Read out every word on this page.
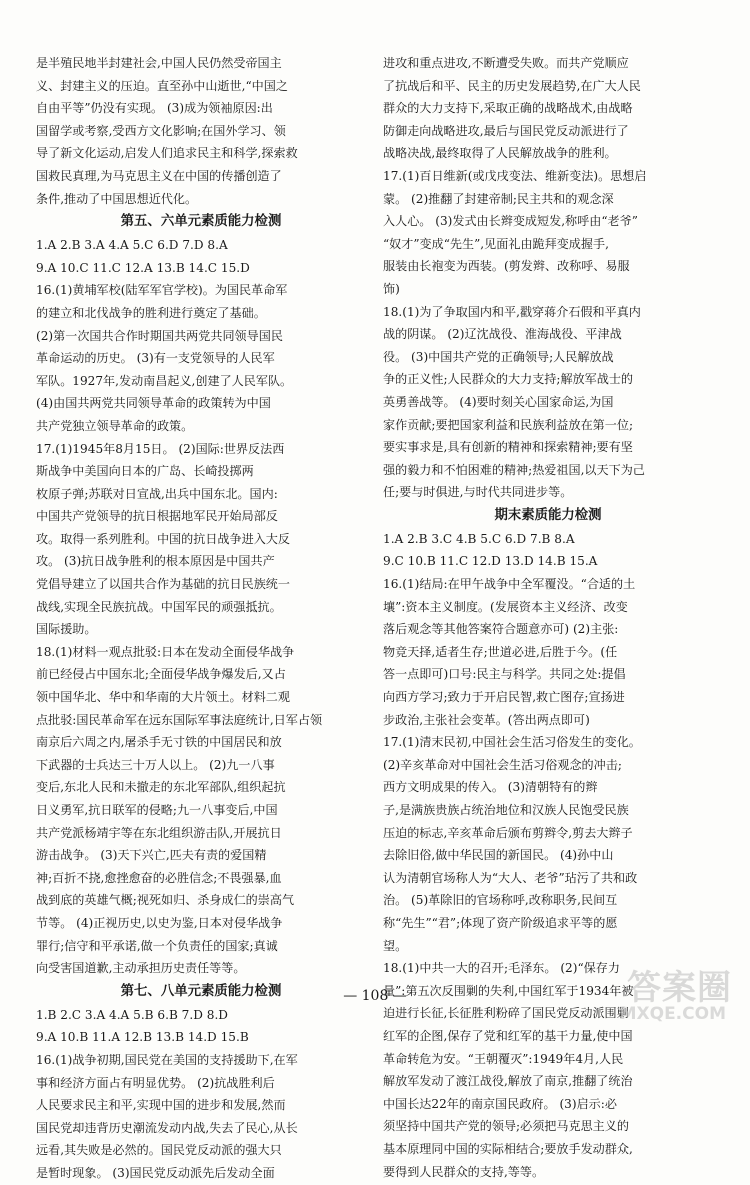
是半殖民地半封建社会,中国人民仍然受帝国主
义、封建主义的压迫。直至孙中山逝世,“中国之
自由平等”仍没有实现。 (3)成为领袖原因:出
国留学或考察,受西方文化影响;在国外学习、领
导了新文化运动,启发人们追求民主和科学,探索救
国救民真理,为马克思主义在中国的传播创造了
条件,推动了中国思想近代化。

第五、六单元素质能力检测

1.A 2.B 3.A 4.A 5.C 6.D 7.D 8.A
9.A 10.C 11.C 12.A 13.B 14.C 15.D
16.(1)黄埔军校(陆军军官学校)。为国民革命军
的建立和北伐战争的胜利进行奠定了基础。
(2)第一次国共合作时期国共两党共同领导国民
革命运动的历史。 (3)有一支党领导的人民军
军队。1927年,发动南昌起义,创建了人民军队。
(4)由国共两党共同领导革命的政策转为中国
共产党独立领导革命的政策。
17.(1)1945年8月15日。 (2)国际:世界反法西
斯战争中美国向日本的广岛、长崎投掷两
枚原子弹;苏联对日宣战,出兵中国东北。国内:
中国共产党领导的抗日根据地军民开始局部反
攻。取得一系列胜利。中国的抗日战争进入大反
攻。 (3)抗日战争胜利的根本原因是中国共产
党倡导建立了以国共合作为基础的抗日民族统一
战线,实现全民族抗战。中国军民的顽强抵抗。
国际援助。
18.(1)材料一观点批驳:日本在发动全面侵华战争
前已经侵占中国东北;全面侵华战争爆发后,又占
领中国华北、华中和华南的大片领土。材料二观
点批驳:国民革命军在远东国际军事法庭统计,日军占领
南京后六周之内,屠杀手无寸铁的中国居民和放
下武器的士兵达三十万人以上。 (2)九一八事
变后,东北人民和未撤走的东北军部队,组织起抗
日义勇军,抗日联军的侵略;九一八事变后,中国
共产党派杨靖宇等在东北组织游击队,开展抗日
游击战争。 (3)天下兴亡,匹夫有责的爱国精
神;百折不挠,愈挫愈奋的必胜信念;不畏强暴,血
战到底的英雄气概;视死如归、杀身成仁的崇高气
节等。 (4)正视历史,以史为鉴,日本对侵华战争
罪行;信守和平承诺,做一个负责任的国家;真诚
向受害国道歉,主动承担历史责任等等。

第七、八单元素质能力检测

1.B 2.C 3.A 4.A 5.B 6.B 7.D 8.D
9.A 10.B 11.A 12.B 13.B 14.D 15.B
16.(1)战争初期,国民党在美国的支持援助下,在军
事和经济方面占有明显优势。 (2)抗战胜利后
人民要求民主和平,实现中国的进步和发展,然而
国民党却违背历史潮流发动内战,失去了民心,从长
远看,其失败是必然的。国民党反动派的强大只
是暂时现象。 (3)国民党反动派先后发动全面

进攻和重点进攻,不断遭受失败。而共产党顺应
了抗战后和平、民主的历史发展趋势,在广大人民
群众的大力支持下,采取正确的战略战术,由战略
防御走向战略进攻,最后与国民党反动派进行了
战略决战,最终取得了人民解放战争的胜利。
17.(1)百日维新(或戊戌变法、维新变法)。思想启
蒙。 (2)推翻了封建帝制;民主共和的观念深
入人心。 (3)发式由长辫变成短发,称呼由“老爷”
“奴才”变成“先生”,见面礼由跪拜变成握手,
服装由长袍变为西装。(剪发辫、改称呼、易服
饰)
18.(1)为了争取国内和平,戳穿蒋介石假和平真内
战的阴谋。 (2)辽沈战役、淮海战役、平津战
役。 (3)中国共产党的正确领导;人民解放战
争的正义性;人民群众的大力支持;解放军战士的
英勇善战等。 (4)要时刻关心国家命运,为国
家作贡献;要把国家利益和民族利益放在第一位;
要实事求是,具有创新的精神和探索精神;要有坚
强的毅力和不怕困难的精神;热爱祖国,以天下为己
任;要与时俱进,与时代共同进步等。

期末素质能力检测

1.A 2.B 3.C 4.B 5.C 6.D 7.B 8.A
9.C 10.B 11.C 12.D 13.D 14.B 15.A
16.(1)结局:在甲午战争中全军覆没。“合适的土
壤”:资本主义制度。(发展资本主义经济、改变
落后观念等其他答案符合题意亦可) (2)主张:
物竞天择,适者生存;世道必进,后胜于今。(任
答一点即可)口号:民主与科学。共同之处:提倡
向西方学习;致力于开启民智,救亡图存;宣扬进
步政治,主张社会变革。(答出两点即可)
17.(1)清末民初,中国社会生活习俗发生的变化。
(2)辛亥革命对中国社会生活习俗观念的冲击;
西方文明成果的传入。 (3)清朝特有的辫
子,是满族贵族占统治地位和汉族人民饱受民族
压迫的标志,辛亥革命后颁布剪辫令,剪去大辫子
去除旧俗,做中华民国的新国民。 (4)孙中山
认为清朝官场称人为“大人、老爷”玷污了共和政
治。 (5)革除旧的官场称呼,改称职务,民间互
称“先生”“君”;体现了资产阶级追求平等的愿
望。
18.(1)中共一大的召开;毛泽东。 (2)“保存力
量”:第五次反围剿的失利,中国红军于1934年被
迫进行长征,长征胜利粉碎了国民党反动派围剿
红军的企图,保存了党和红军的基干力量,使中国
革命转危为安。“王朝覆灭”:1949年4月,人民
解放军发动了渡江战役,解放了南京,推翻了统治
中国长达22年的南京国民政府。 (3)启示:必
须坚持中国共产党的领导;必须把马克思主义的
基本原理同中国的实际相结合;要放手发动群众,
要得到人民群众的支持,等等。

— 108 —	答案圈
MXQE.COM
